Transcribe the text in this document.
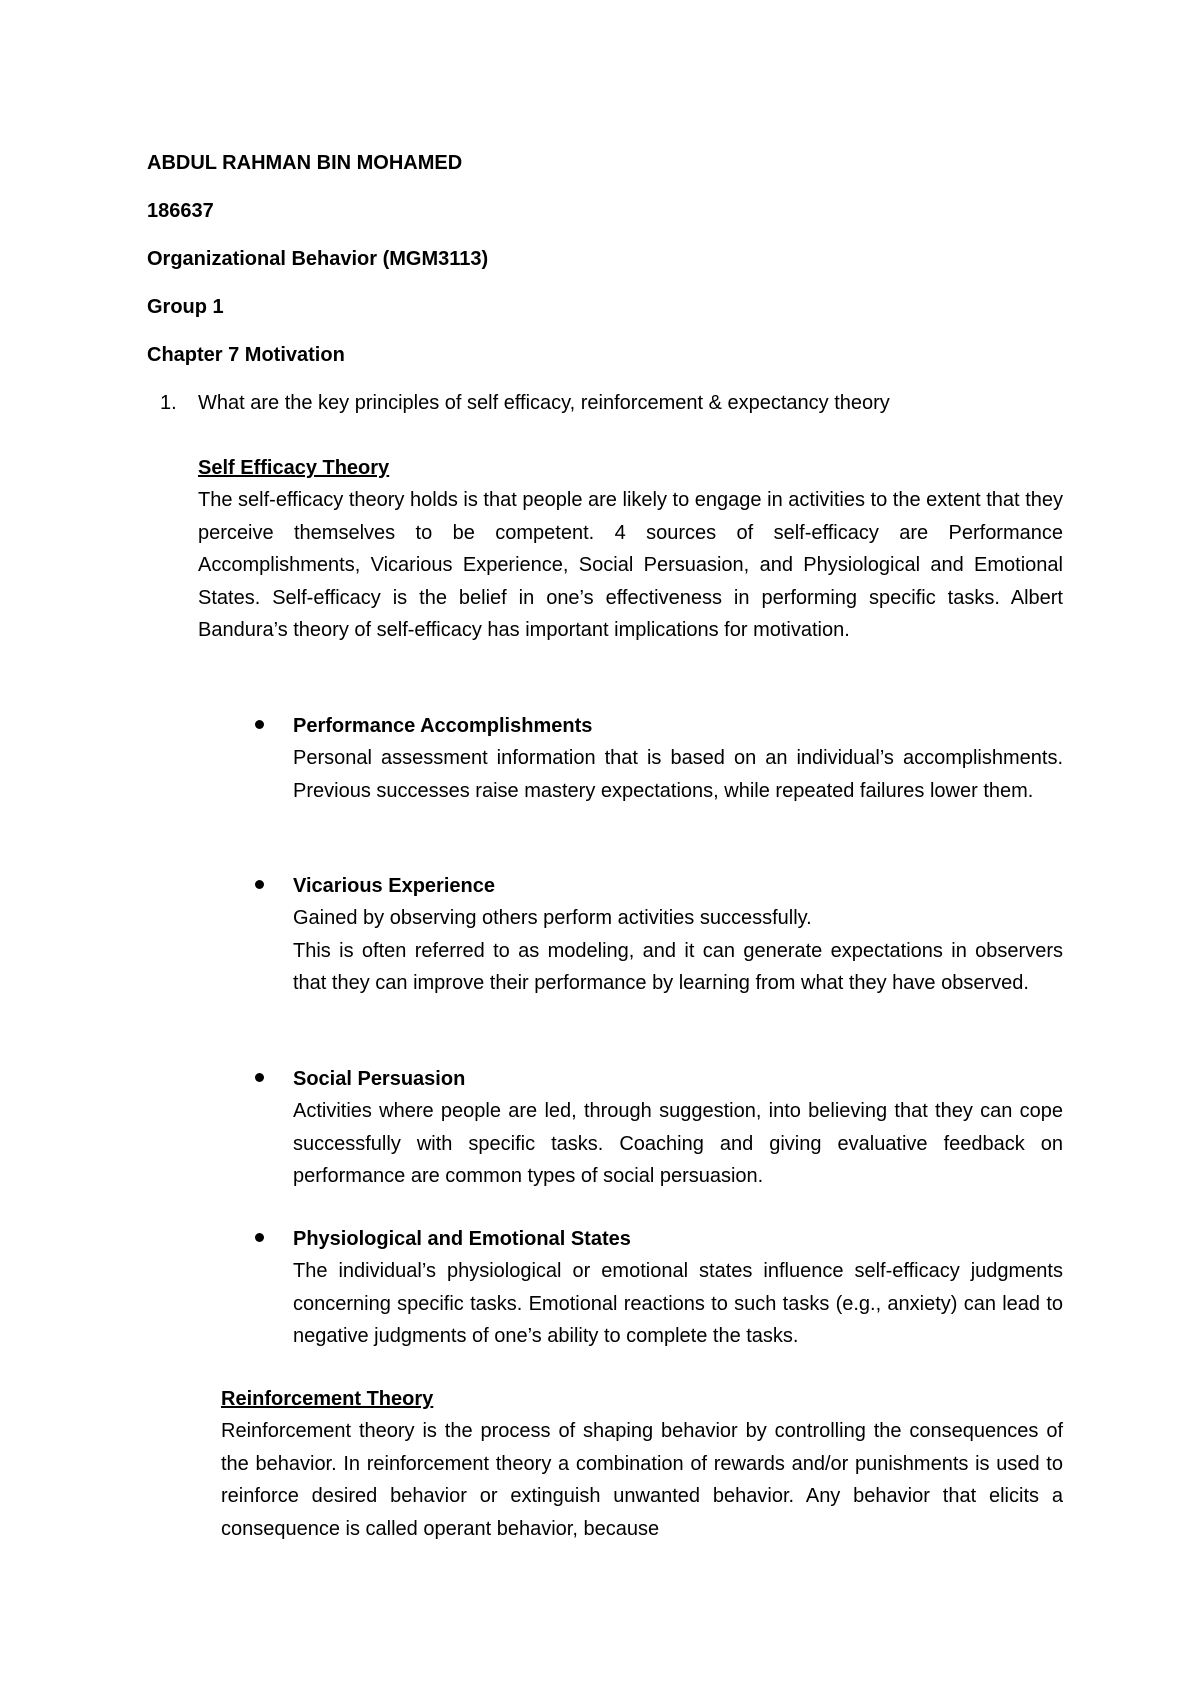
ABDUL RAHMAN BIN MOHAMED
186637
Organizational Behavior (MGM3113)
Group 1
Chapter 7 Motivation
1. What are the key principles of self efficacy, reinforcement & expectancy theory
Self Efficacy Theory
The self-efficacy theory holds is that people are likely to engage in activities to the extent that they perceive themselves to be competent. 4 sources of self-efficacy are Performance Accomplishments, Vicarious Experience, Social Persuasion, and Physiological and Emotional States. Self-efficacy is the belief in one’s effectiveness in performing specific tasks. Albert Bandura’s theory of self-efficacy has important implications for motivation.
Performance Accomplishments
Personal assessment information that is based on an individual’s accomplishments. Previous successes raise mastery expectations, while repeated failures lower them.
Vicarious Experience
Gained by observing others perform activities successfully.
This is often referred to as modeling, and it can generate expectations in observers that they can improve their performance by learning from what they have observed.
Social Persuasion
Activities where people are led, through suggestion, into believing that they can cope successfully with specific tasks. Coaching and giving evaluative feedback on performance are common types of social persuasion.
Physiological and Emotional States
The individual’s physiological or emotional states influence self-efficacy judgments concerning specific tasks. Emotional reactions to such tasks (e.g., anxiety) can lead to negative judgments of one’s ability to complete the tasks.
Reinforcement Theory
Reinforcement theory is the process of shaping behavior by controlling the consequences of the behavior. In reinforcement theory a combination of rewards and/or punishments is used to reinforce desired behavior or extinguish unwanted behavior. Any behavior that elicits a consequence is called operant behavior, because
